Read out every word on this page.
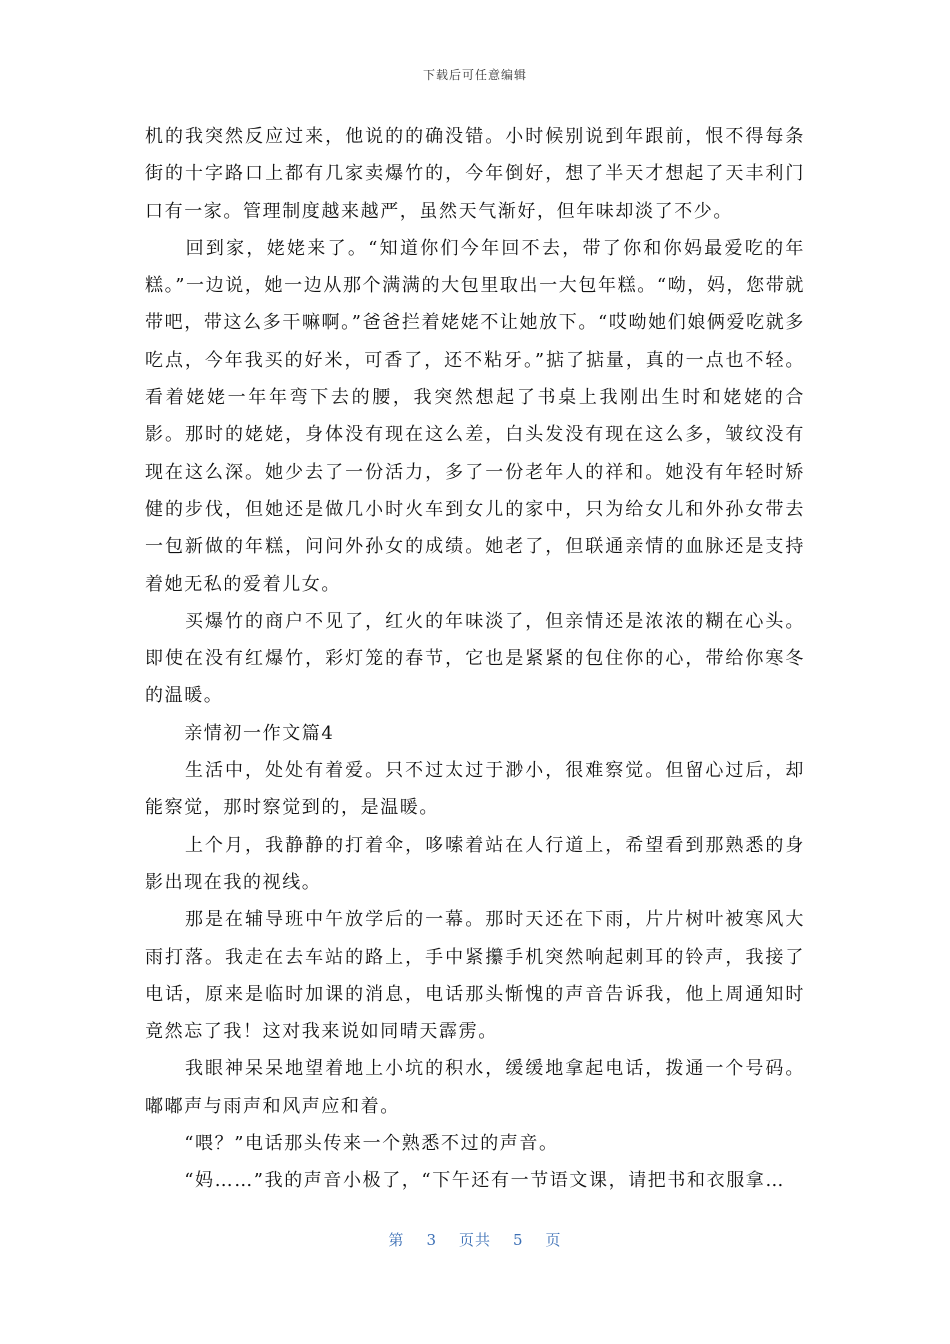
下载后可任意编辑

机的我突然反应过来，他说的的确没错。小时候别说到年跟前，恨不得每条街的十字路口上都有几家卖爆竹的，今年倒好，想了半天才想起了天丰利门口有一家。管理制度越来越严，虽然天气渐好，但年味却淡了不少。

　　回到家，姥姥来了。“知道你们今年回不去，带了你和你妈最爱吃的年糕。”一边说，她一边从那个满满的大包里取出一大包年糕。“呦，妈，您带就带吧，带这么多干嘛啊。”爸爸拦着姥姥不让她放下。“哎呦她们娘俩爱吃就多吃点，今年我买的好米，可香了，还不粘牙。”掂了掂量，真的一点也不轻。看着姥姥一年年弯下去的腰，我突然想起了书桌上我刚出生时和姥姥的合影。那时的姥姥，身体没有现在这么差，白头发没有现在这么多，皱纹没有现在这么深。她少去了一份活力，多了一份老年人的祥和。她没有年轻时矫健的步伐，但她还是做几小时火车到女儿的家中，只为给女儿和外孙女带去一包新做的年糕，问问外孙女的成绩。她老了，但联通亲情的血脉还是支持着她无私的爱着儿女。

　　买爆竹的商户不见了，红火的年味淡了，但亲情还是浓浓的糊在心头。即使在没有红爆竹，彩灯笼的春节，它也是紧紧的包住你的心，带给你寒冬的温暖。

　　亲情初一作文篇4

　　生活中，处处有着爱。只不过太过于渺小，很难察觉。但留心过后，却能察觉，那时察觉到的，是温暖。

　　上个月，我静静的打着伞，哆嗦着站在人行道上，希望看到那熟悉的身影出现在我的视线。

　　那是在辅导班中午放学后的一幕。那时天还在下雨，片片树叶被寒风大雨打落。我走在去车站的路上，手中紧攥手机突然响起刺耳的铃声，我接了电话，原来是临时加课的消息，电话那头惭愧的声音告诉我，他上周通知时竟然忘了我！这对我来说如同晴天霹雳。

　　我眼神呆呆地望着地上小坑的积水，缓缓地拿起电话，拨通一个号码。嘟嘟声与雨声和风声应和着。

　　“喂？”电话那头传来一个熟悉不过的声音。

　　“妈……”我的声音小极了，“下午还有一节语文课，请把书和衣服拿…

第 3 页共 5 页
